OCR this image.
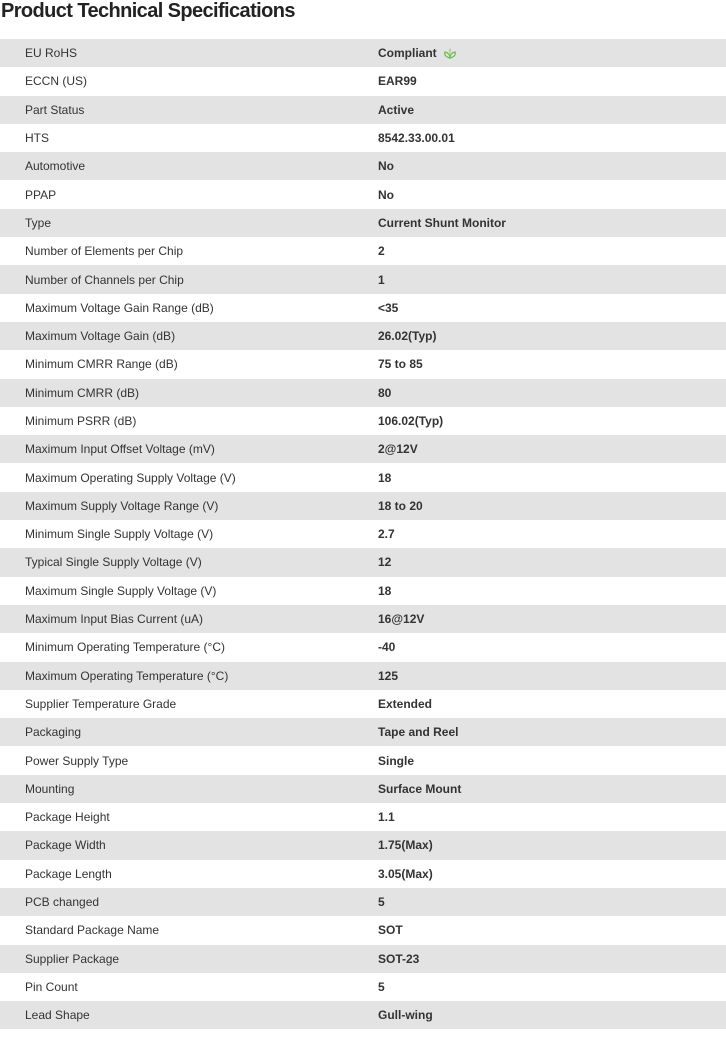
Product Technical Specifications
EU RoHS	Compliant
ECCN (US)	EAR99
Part Status	Active
HTS	8542.33.00.01
Automotive	No
PPAP	No
Type	Current Shunt Monitor
Number of Elements per Chip	2
Number of Channels per Chip	1
Maximum Voltage Gain Range (dB)	<35
Maximum Voltage Gain (dB)	26.02(Typ)
Minimum CMRR Range (dB)	75 to 85
Minimum CMRR (dB)	80
Minimum PSRR (dB)	106.02(Typ)
Maximum Input Offset Voltage (mV)	2@12V
Maximum Operating Supply Voltage (V)	18
Maximum Supply Voltage Range (V)	18 to 20
Minimum Single Supply Voltage (V)	2.7
Typical Single Supply Voltage (V)	12
Maximum Single Supply Voltage (V)	18
Maximum Input Bias Current (uA)	16@12V
Minimum Operating Temperature (°C)	-40
Maximum Operating Temperature (°C)	125
Supplier Temperature Grade	Extended
Packaging	Tape and Reel
Power Supply Type	Single
Mounting	Surface Mount
Package Height	1.1
Package Width	1.75(Max)
Package Length	3.05(Max)
PCB changed	5
Standard Package Name	SOT
Supplier Package	SOT-23
Pin Count	5
Lead Shape	Gull-wing
